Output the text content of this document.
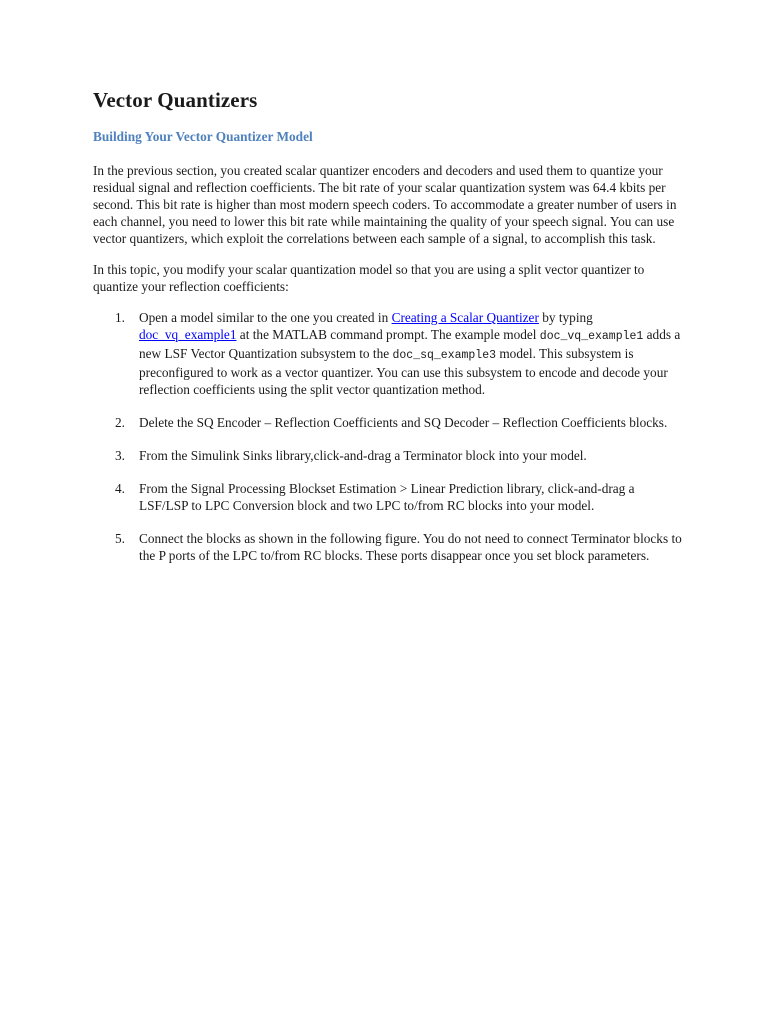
Vector Quantizers
Building Your Vector Quantizer Model

In the previous section, you created scalar quantizer encoders and decoders and used them to quantize your residual signal and reflection coefficients. The bit rate of your scalar quantization system was 64.4 kbits per second. This bit rate is higher than most modern speech coders. To accommodate a greater number of users in each channel, you need to lower this bit rate while maintaining the quality of your speech signal. You can use vector quantizers, which exploit the correlations between each sample of a signal, to accomplish this task.

In this topic, you modify your scalar quantization model so that you are using a split vector quantizer to quantize your reflection coefficients:

1. Open a model similar to the one you created in Creating a Scalar Quantizer by typing doc_vq_example1 at the MATLAB command prompt. The example model doc_vq_example1 adds a new LSF Vector Quantization subsystem to the doc_sq_example3 model. This subsystem is preconfigured to work as a vector quantizer. You can use this subsystem to encode and decode your reflection coefficients using the split vector quantization method.
2. Delete the SQ Encoder – Reflection Coefficients and SQ Decoder – Reflection Coefficients blocks.
3. From the Simulink Sinks library,click-and-drag a Terminator block into your model.
4. From the Signal Processing Blockset Estimation > Linear Prediction library, click-and-drag a LSF/LSP to LPC Conversion block and two LPC to/from RC blocks into your model.
5. Connect the blocks as shown in the following figure. You do not need to connect Terminator blocks to the P ports of the LPC to/from RC blocks. These ports disappear once you set block parameters.
